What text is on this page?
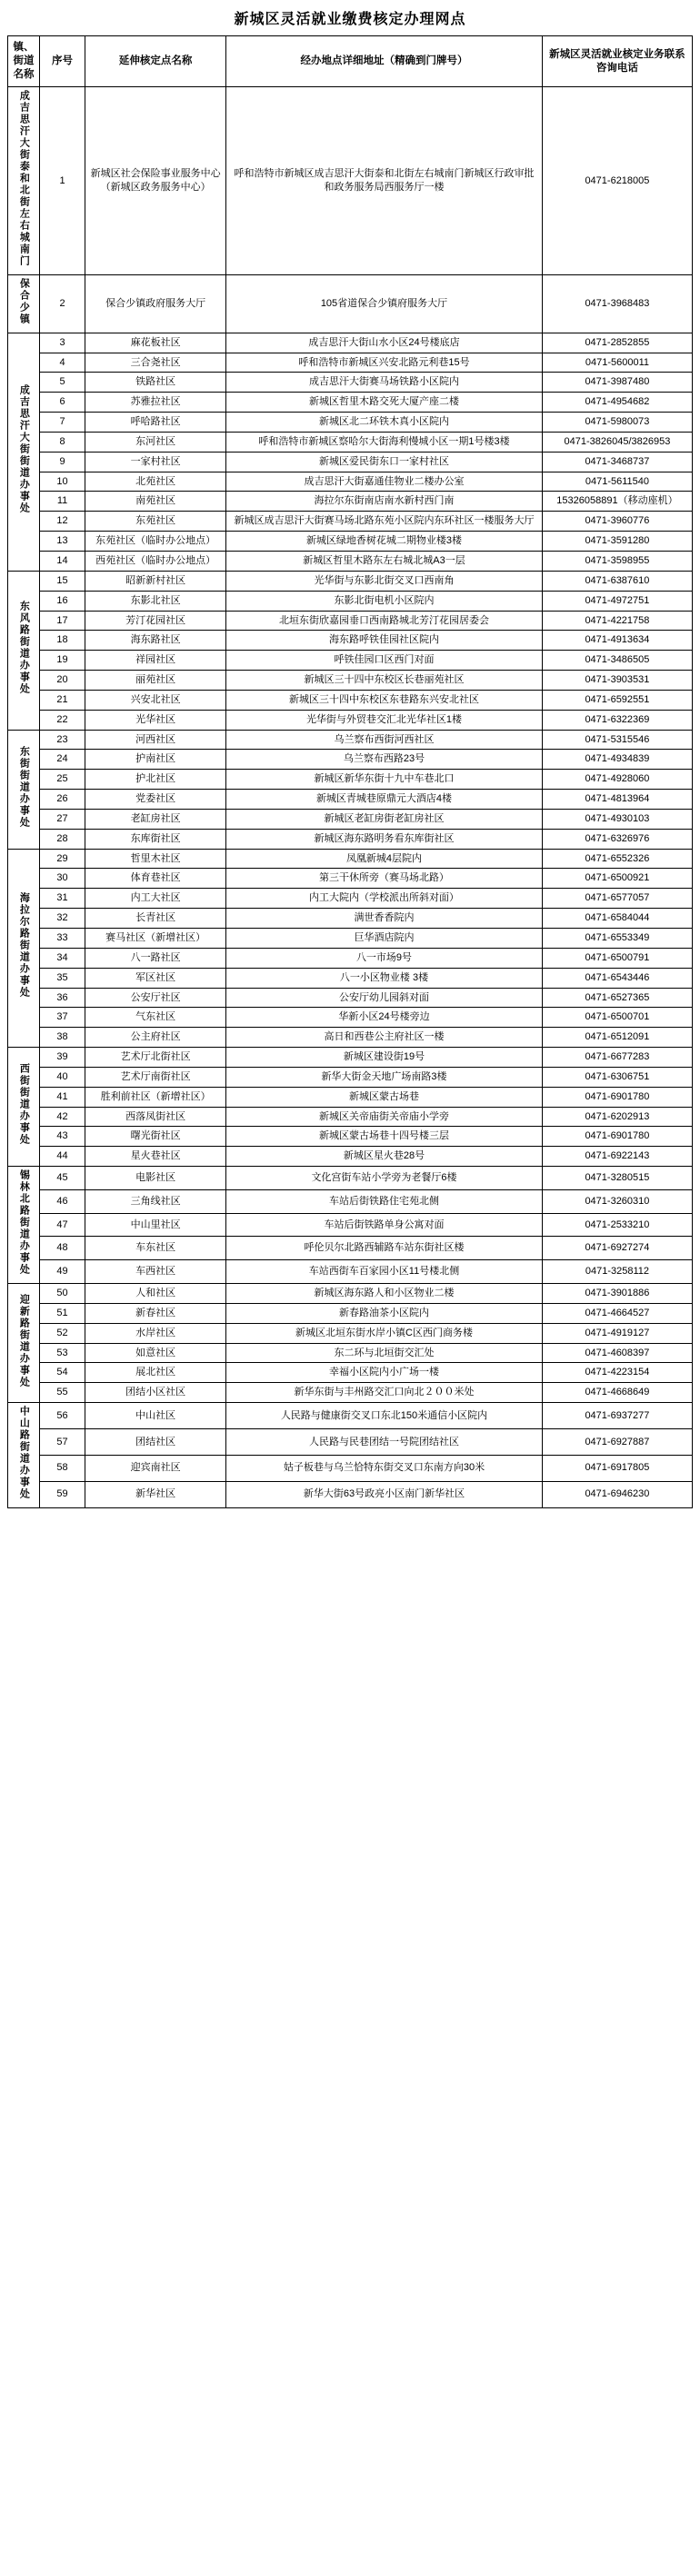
新城区灵活就业缴费核定办理网点
镇、街道名称	序号	延伸核定点名称	经办地点详细地址（精确到门牌号）	新城区灵活就业核定业务联系咨询电话
成吉思汗大街泰和北街左右城南门	1	新城区社会保险事业服务中心（新城区政务服务中心）	呼和浩特市新城区成吉思汗大街泰和北街左右城南门新城区行政审批和政务服务局西服务厅一楼	0471-6218005
保合少镇	2	保合少镇政府服务大厅	105省道保合少镇府服务大厅	0471-3968483
成吉思汗大街街道办事处	3	麻花板社区	成吉思汗大街山水小区24号楼底店	0471-2852855
	4	三合尧社区	呼和浩特市新城区兴安北路元利巷15号	0471-5600011
	5	铁路社区	成吉思汗大街赛马场铁路小区院内	0471-3987480
	6	苏雅拉社区	新城区哲里木路交死大厦产座二楼	0471-4954682
	7	呼哈路社区	新城区北二环铁木真小区院内	0471-5980073
	8	东河社区	呼和浩特市新城区察哈尔大街海利慢城小区一期1号楼3楼	0471-3826045/3826953
	9	一家村社区	新城区爱民街东口一家村社区	0471-3468737
	10	北苑社区	成吉思汗大街嘉通佳物业二楼办公室	0471-5611540
	11	南苑社区	海拉尔东街南店南水新村西门南	15326058891（移动座机）
	12	东苑社区	新城区成吉思汗大街赛马场北路东苑小区院内东环社区一楼服务大厅	0471-3960776
	13	东苑社区（临时办公地点）	新城区绿地香树花城二期物业楼3楼	0471-3591280
	14	西苑社区（临时办公地点）	新城区哲里木路东左右城北城A3一层	0471-3598955
东风路街道办事处	15	昭新新村社区	光华街与东影北街交叉口西南角	0471-6387610
	16	东影北社区	东影北街电机小区院内	0471-4972751
	17	芳汀花园社区	北垣东街欣嘉园垂口西南路城北芳汀花园居委会	0471-4221758
	18	海东路社区	海东路呼铁佳园社区院内	0471-4913634
	19	祥园社区	呼铁佳园口区西门对面	0471-3486505
	20	丽苑社区	新城区三十四中东校区长巷丽苑社区	0471-3903531
	21	兴安北社区	新城区三十四中东校区东巷路东兴安北社区	0471-6592551
	22	光华社区	光华街与外贸巷交汇北光华社区1楼	0471-6322369
东街街道办事处	23	河西社区	乌兰察布西街河西社区	0471-5315546
	24	护南社区	乌兰察布西路23号	0471-4934839
	25	护北社区	新城区新华东街十九中车巷北口	0471-4928060
	26	党委社区	新城区青城巷原鼎元大酒店4楼	0471-4813964
	27	老缸房社区	新城区老缸房街老缸房社区	0471-4930103
	28	东库街社区	新城区海东路明务看东库街社区	0471-6326976
海拉尔路街道办事处	29	哲里木社区	凤凰新城4层院内	0471-6552326
	30	体育巷社区	第三干休所旁（赛马场北路）	0471-6500921
	31	内工大社区	内工大院内（学校派出所斜对面）	0471-6577057
	32	长青社区	满世香香院内	0471-6584044
	33	赛马社区（新增社区）	巨华酒店院内	0471-6553349
	34	八一路社区	八一市场9号	0471-6500791
	35	军区社区	八一小区物业楼 3楼	0471-6543446
	36	公安厅社区	公安厅幼儿园斜对面	0471-6527365
	37	气东社区	华新小区24号楼旁边	0471-6500701
	38	公主府社区	高日和西巷公主府社区一楼	0471-6512091
西街街道办事处	39	艺术厅北街社区	新城区建设街19号	0471-6677283
	40	艺术厅南街社区	新华大街金天地广场南路3楼	0471-6306751
	41	胜利前社区（新增社区）	新城区蒙古场巷	0471-6901780
	42	西落凤街社区	新城区关帝庙街关帝庙小学旁	0471-6202913
	43	曙光街社区	新城区蒙古场巷十四号楼三层	0471-6901780
	44	星火巷社区	新城区星火巷28号	0471-6922143
锡林北路街道办事处	45	电影社区	文化宫街车站小学旁为老餐厅6楼	0471-3280515
	46	三角线社区	车站后街铁路住宅苑北侧	0471-3260310
	47	中山里社区	车站后街铁路单身公寓对面	0471-2533210
	48	车东社区	呼伦贝尔北路西辅路车站东街社区楼	0471-6927274
	49	车西社区	车站西街车百家园小区11号楼北侧	0471-3258112
迎新路街道办事处	50	人和社区	新城区海东路人和小区物业二楼	0471-3901886
	51	新春社区	新春路油茶小区院内	0471-4664527
	52	水岸社区	新城区北垣东街水岸小镇C区西门商务楼	0471-4919127
	53	如意社区	东二环与北垣街交汇处	0471-4608397
	54	展北社区	幸福小区院内小广场一楼	0471-4223154
	55	团结小区社区	新华东街与丰州路交汇口向北２００米处	0471-4668649
中山路街道办事处	56	中山社区	人民路与健康街交叉口东北150米通信小区院内	0471-6937277
	57	团结社区	人民路与民巷团结一号院团结社区	0471-6927887
	58	迎宾南社区	姑子板巷与乌兰恰特东街交叉口东南方向30米	0471-6917805
	59	新华社区	新华大街63号政亮小区南门新华社区	0471-6946230
